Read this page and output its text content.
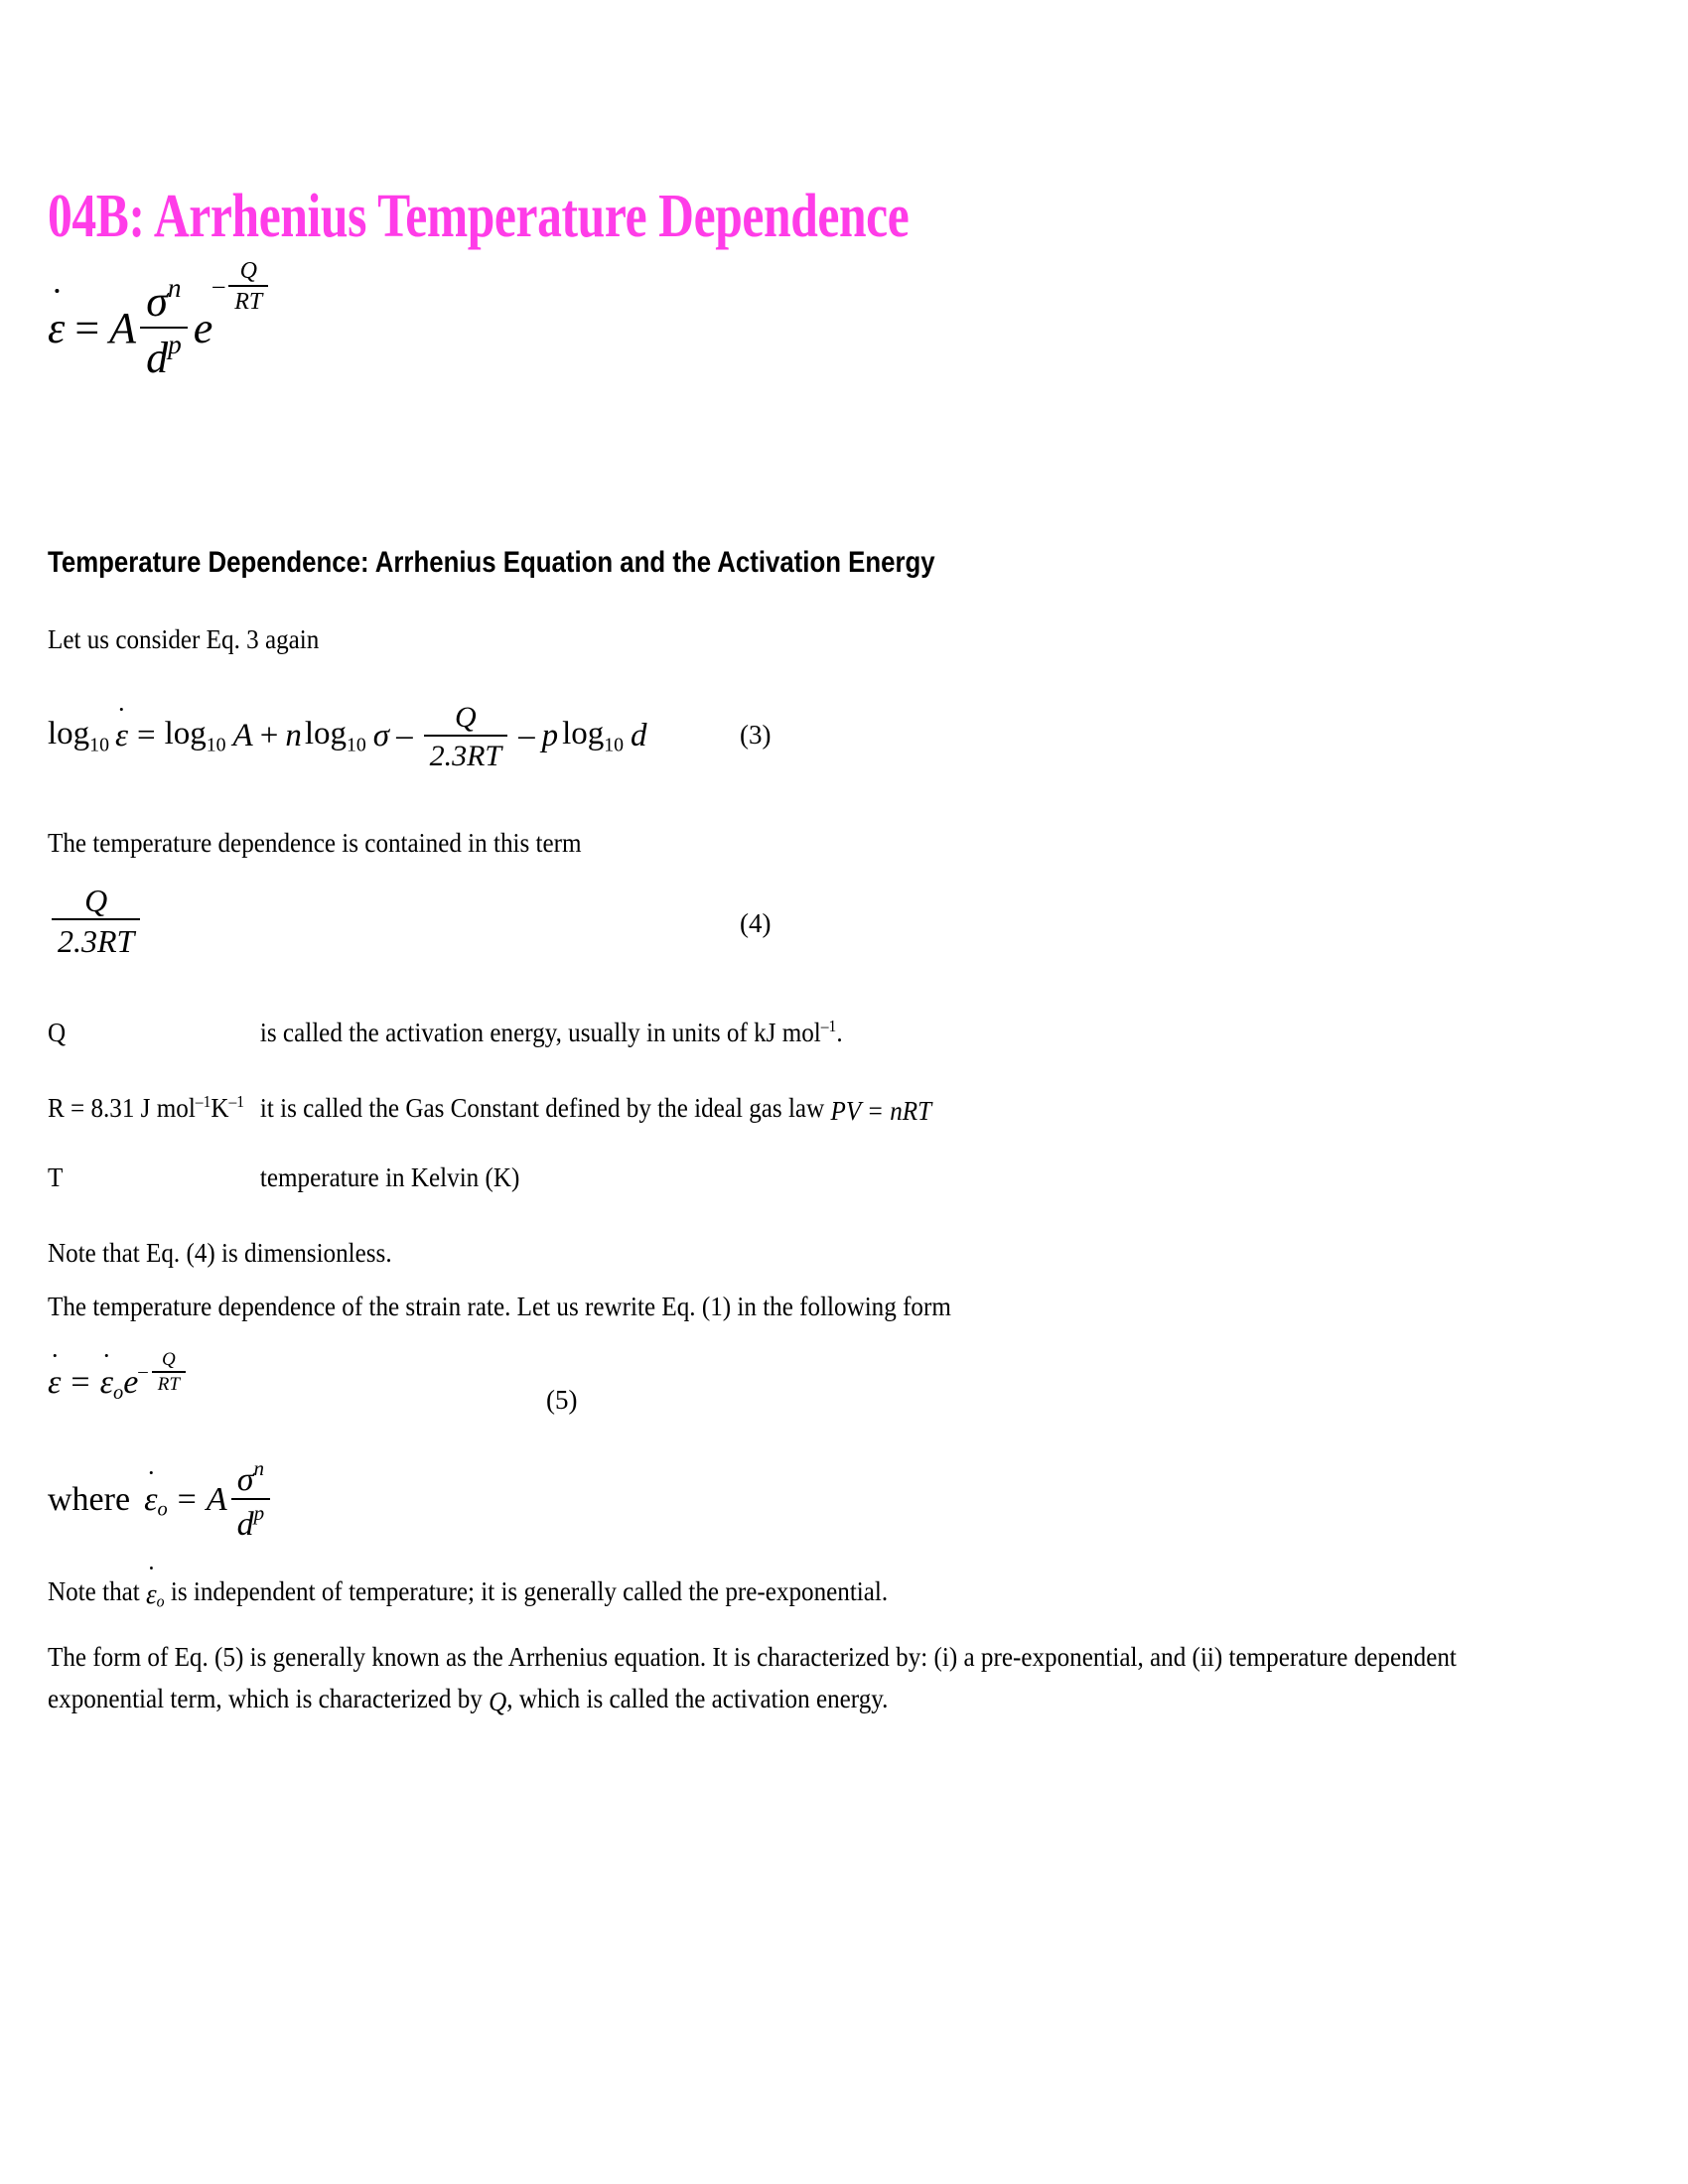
04B: Arrhenius Temperature Dependence
ε = A $\frac{\sigma^n}{d^p} e- \frac{Q}{RT}$
Temperature Dependence: Arrhenius Equation and the Activation Energy

Let us consider Eq. 3 again

$\log_{10} \varepsilon = \log_{10} A + nlog_{10}$ σ – $\frac{Q}{2.3RT}$ – p $\log_{10} d$	(3)

The temperature dependence is contained in this term

$\frac{Q}{2.3RT}$	(4)
Q	is called the activation energy, usually in units of kJ mol$^{-1}$.
R = 8.31 J $mol^{-1}K^{-1}$ it is called the Gas Constant defined by the ideal gas law PV = nRT
T	temperature in Kelvin (K)

Note that Eq. (4) is dimensionless.

The temperature dependence of the strain rate. Let us rewrite Eq. (1) in the following form

$\varepsilon = \varepsilon_oe- \frac{Q}{RT}$
(5)
where $\varepsilon_o = A \frac{\sigma^n}{d^p}$
Note that $\varepsilon_o$ is independent of temperature; it is generally called the pre-exponential.
The form of Eq. (5) is generally known as the Arrhenius equation. It is characterized by: (i) a pre-exponential, and (ii) temperature dependent exponential term, which is characterized by Q, which is called the activation energy.
